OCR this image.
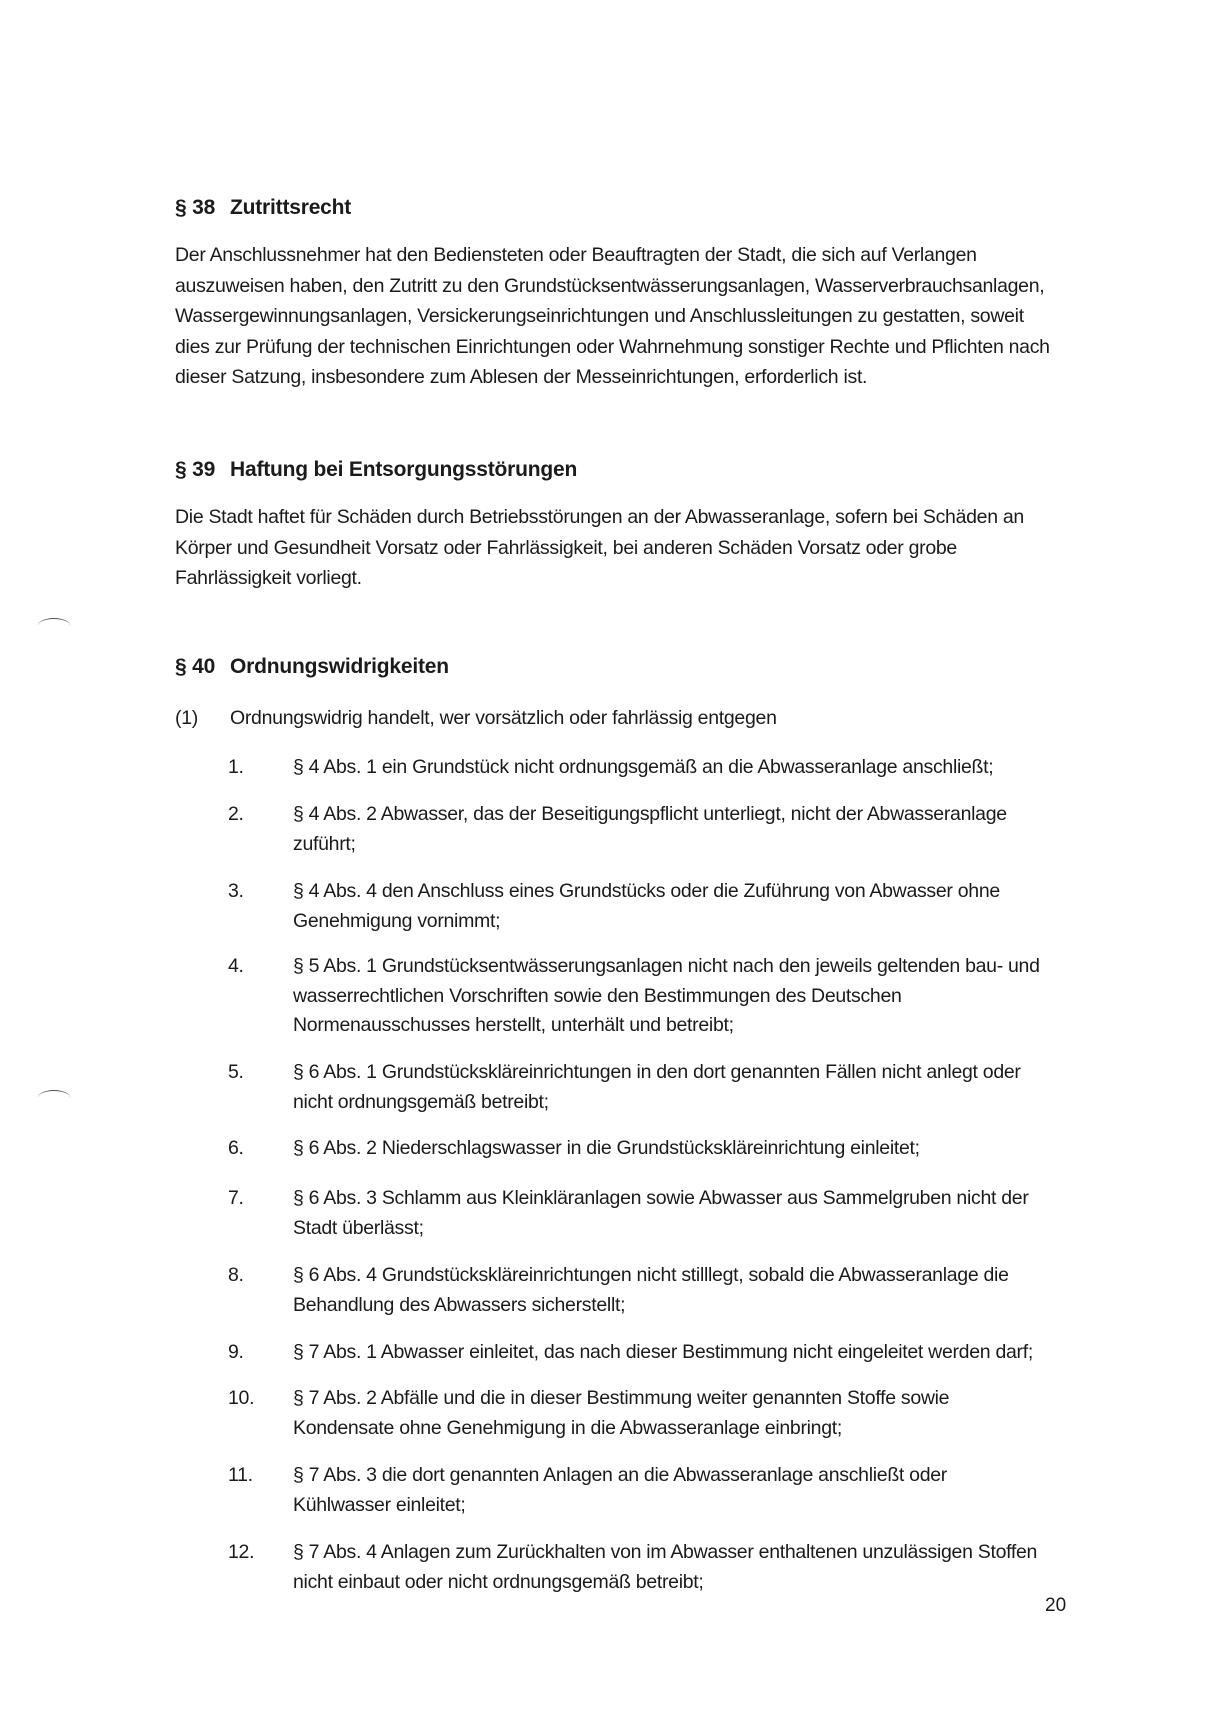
§ 38 Zutrittsrecht

Der Anschlussnehmer hat den Bediensteten oder Beauftragten der Stadt, die sich auf Verlangen

auszuweisen haben, den Zutritt zu den Grundstücksentwässerungsanlagen, Wasserverbrauchsanlagen,

Wassergewinnungsanlagen, Versickerungseinrichtungen und Anschlussleitungen zu gestatten, soweit

dies zur Prüfung der technischen Einrichtungen oder Wahrnehmung sonstiger Rechte und Pflichten nach

dieser Satzung, insbesondere zum Ablesen der Messeinrichtungen, erforderlich ist.

§ 39 Haftung bei Entsorgungsstörungen

Die Stadt haftet für Schäden durch Betriebsstörungen an der Abwasseranlage, sofern bei Schäden an

Körper und Gesundheit Vorsatz oder Fahrlässigkeit, bei anderen Schäden Vorsatz oder grobe

Fahrlässigkeit vorliegt.

§ 40 Ordnungswidrigkeiten
(1) Ordnungswidrig handelt, wer vorsätzlich oder fahrlässig entgegen
1.	§ 4 Abs. 1 ein Grundstück nicht ordnungsgemäß an die Abwasseranlage anschließt;
2.	§ 4 Abs. 2 Abwasser, das der Beseitigungspflicht unterliegt, nicht der Abwasseranlage
zuführt;
3.	§ 4 Abs. 4 den Anschluss eines Grundstücks oder die Zuführung von Abwasser ohne
Genehmigung vornimmt;
4.	§ 5 Abs. 1 Grundstücksentwässerungsanlagen nicht nach den jeweils geltenden bau- und
wasserrechtlichen Vorschriften sowie den Bestimmungen des Deutschen
Normenausschusses herstellt, unterhält und betreibt;
5.	§ 6 Abs. 1 Grundstückskläreinrichtungen in den dort genannten Fällen nicht anlegt oder
nicht ordnungsgemäß betreibt;
6.	§ 6 Abs. 2 Niederschlagswasser in die Grundstückskläreinrichtung einleitet;
7.	§ 6 Abs. 3 Schlamm aus Kleinkläranlagen sowie Abwasser aus Sammelgruben nicht der
Stadt überlässt;
8.	§ 6 Abs. 4 Grundstückskläreinrichtungen nicht stilllegt, sobald die Abwasseranlage die
Behandlung des Abwassers sicherstellt;
9.	§ 7 Abs. 1 Abwasser einleitet, das nach dieser Bestimmung nicht eingeleitet werden darf;
10. § 7 Abs. 2 Abfälle und die in dieser Bestimmung weiter genannten Stoffe sowie
Kondensate ohne Genehmigung in die Abwasseranlage einbringt;
11. § 7 Abs. 3 die dort genannten Anlagen an die Abwasseranlage anschließt oder
Kühlwasser einleitet;
12. § 7 Abs. 4 Anlagen zum Zurückhalten von im Abwasser enthaltenen unzulässigen Stoffen
nicht einbaut oder nicht ordnungsgemäß betreibt;
20
